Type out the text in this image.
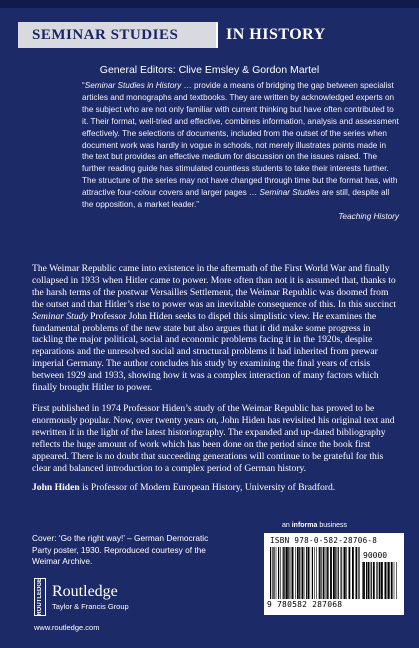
SEMINAR STUDIES	IN HISTORY
General Editors: Clive Emsley & Gordon Martel
“Seminar Studies in History … provide a means of bridging the gap between specialist articles and monographs and textbooks. They are written by acknowledged experts on the subject who are not only familiar with current thinking but have often contributed to it. Their format, well-tried and effective, combines information, analysis and assessment effectively. The selections of documents, included from the outset of the series when document work was hardly in vogue in schools, not merely illustrates points made in the text but provides an effective medium for discussion on the issues raised. The further reading guide has stimulated countless students to take their interests further. The structure of the series may not have changed through time but the format has, with attractive four-colour covers and larger pages … Seminar Studies are still, despite all the opposition, a market leader.”
Teaching History

The Weimar Republic came into existence in the aftermath of the First World War and finally collapsed in 1933 when Hitler came to power. More often than not it is assumed that, thanks to the harsh terms of the postwar Versailles Settlement, the Weimar Republic was doomed from the outset and that Hitler’s rise to power was an inevitable consequence of this. In this succinct Seminar Study Professor John Hiden seeks to dispel this simplistic view. He examines the fundamental problems of the new state but also argues that it did make some progress in tackling the major political, social and economic problems facing it in the 1920s, despite reparations and the unresolved social and structural problems it had inherited from prewar imperial Germany. The author concludes his study by examining the final years of crisis between 1929 and 1933, showing how it was a complex interaction of many factors which finally brought Hitler to power.

First published in 1974 Professor Hiden’s study of the Weimar Republic has proved to be enormously popular. Now, over twenty years on, John Hiden has revisited his original text and rewritten it in the light of the latest historiography. The expanded and up-dated bibliography reflects the huge amount of work which has been done on the period since the book first appeared. There is no doubt that succeeding generations will continue to be grateful for this clear and balanced introduction to a complex period of German history.

John Hiden is Professor of Modern European History, University of Bradford.

Cover: ‘Go the right way!’ – German Democratic Party poster, 1930. Reproduced courtesy of the Weimar Archive.
an informa business
ISBN 978-0-582-28706-8
90000
9 780582 287068
ROUTLEDGE Routledge
Taylor & Francis Group
www.routledge.com
